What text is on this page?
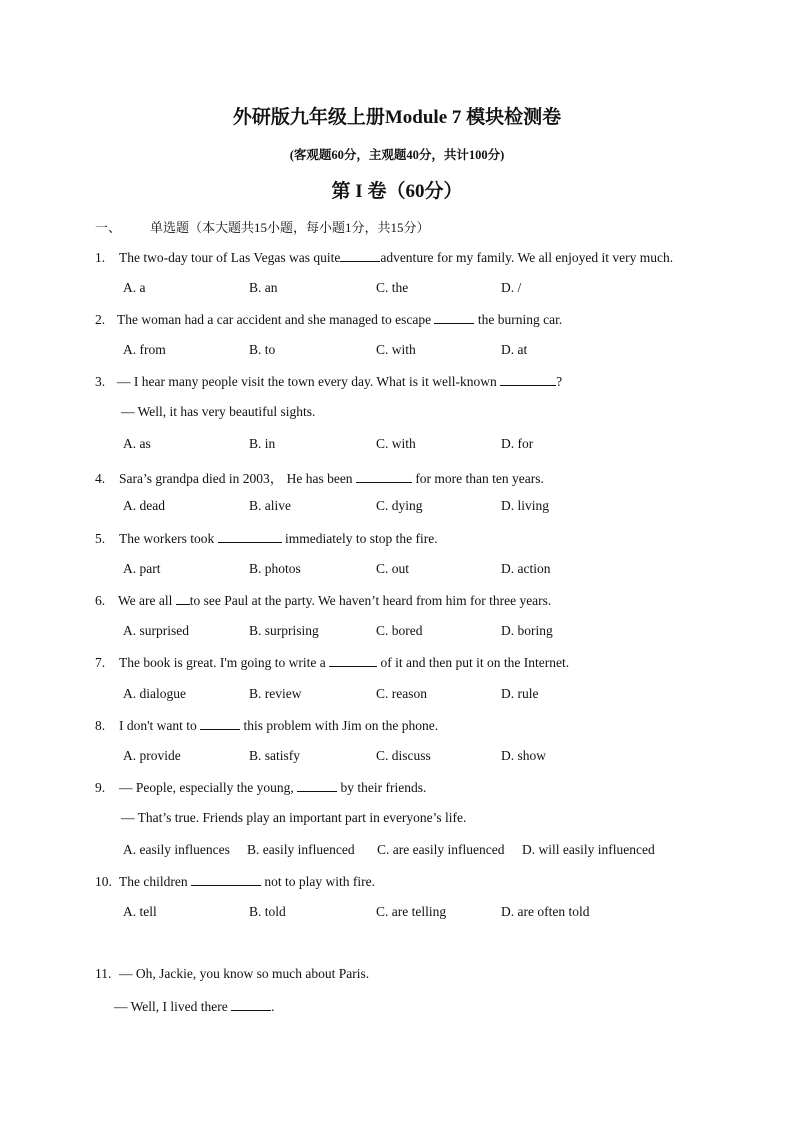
外研版九年级上册Module 7 模块检测卷
(客观题60分，主观题40分，共计100分)
第 I 卷（60分）
一、 单选题（本大题共15小题，每小题1分，共15分）
1. The two-day tour of Las Vegas was quite	adventure for my family. We all enjoyed it very much.
A. a	B. an	C. the	D. /
2. The woman had a car accident and she managed to escape	the burning car.
A. from	B. to	C. with	D. at
3. — I hear many people visit the town every day. What is it well-known	?
— Well, it has very beautiful sights.
A. as	B. in	C. with	D. for
4. Sara’s grandpa died in 2003， He has been	for more than ten years.
A. dead	B. alive	C. dying	D. living
5. The workers took	immediately to stop the fire.
A. part	B. photos	C. out	D. action
6. We are all to see Paul at the party. We haven’t heard from him for three years.
A. surprised	B. surprising	C. bored	D. boring
7. The book is great. I'm going to write a	of it and then put it on the Internet.
A. dialogue	B. review	C. reason	D. rule
8. I don't want to	this problem with Jim on the phone.
A. provide	B. satisfy	C. discuss	D. show
9. — People, especially the young,	by their friends.
— That’s true. Friends play an important part in everyone’s life.
A. easily influences B. easily influenced C. are easily influenced D. will easily influenced
10. The children	not to play with fire.
A. tell	B. told	C. are telling	D. are often told
11. — Oh, Jackie, you know so much about Paris.
— Well, I lived there	.
